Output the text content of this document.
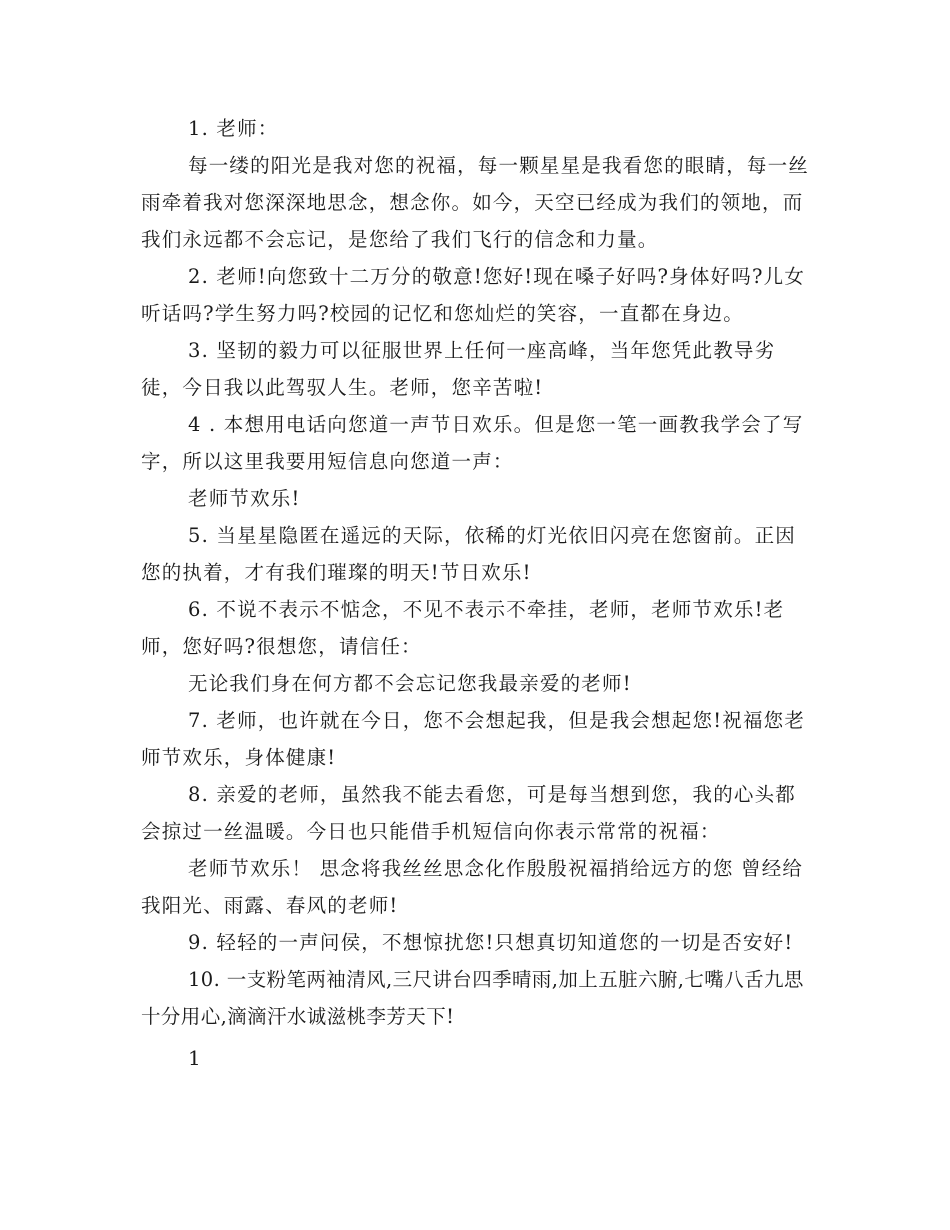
1. 老师：

每一缕的阳光是我对您的祝福，每一颗星星是我看您的眼睛，每一丝雨牵着我对您深深地思念，想念你。如今，天空已经成为我们的领地，而我们永远都不会忘记，是您给了我们飞行的信念和力量。

2. 老师!向您致十二万分的敬意!您好!现在嗓子好吗?身体好吗?儿女听话吗?学生努力吗?校园的记忆和您灿烂的笑容，一直都在身边。

3. 坚韧的毅力可以征服世界上任何一座高峰，当年您凭此教导劣徒，今日我以此驾驭人生。老师，您辛苦啦!

4 . 本想用电话向您道一声节日欢乐。但是您一笔一画教我学会了写字，所以这里我要用短信息向您道一声：

老师节欢乐!

5. 当星星隐匿在遥远的天际，依稀的灯光依旧闪亮在您窗前。正因您的执着，才有我们璀璨的明天!节日欢乐!

6. 不说不表示不惦念，不见不表示不牵挂，老师，老师节欢乐!老师，您好吗?很想您，请信任：

无论我们身在何方都不会忘记您我最亲爱的老师!

7. 老师，也许就在今日，您不会想起我，但是我会想起您!祝福您老师节欢乐，身体健康!

8. 亲爱的老师，虽然我不能去看您，可是每当想到您，我的心头都会掠过一丝温暖。今日也只能借手机短信向你表示常常的祝福：

老师节欢乐！ 思念将我丝丝思念化作殷殷祝福捎给远方的您 曾经给我阳光、雨露、春风的老师!

9. 轻轻的一声问侯，不想惊扰您!只想真切知道您的一切是否安好!

10. 一支粉笔两袖清风,三尺讲台四季晴雨,加上五脏六腑,七嘴八舌九思十分用心,滴滴汗水诚滋桃李芳天下!

1
